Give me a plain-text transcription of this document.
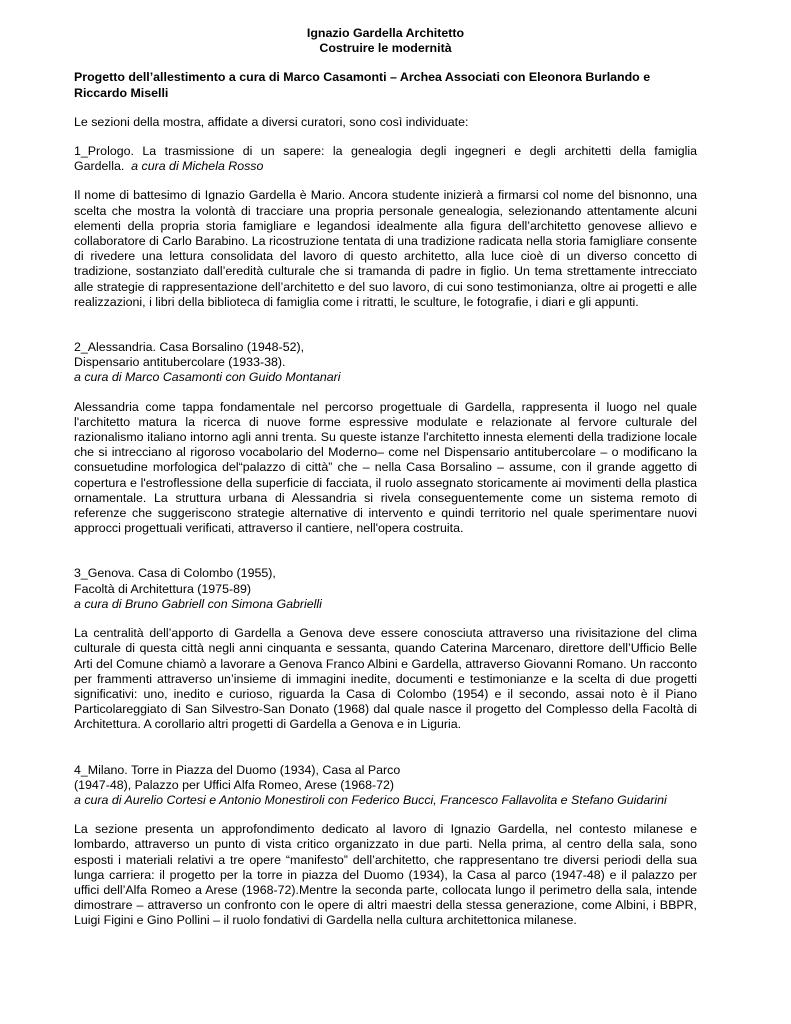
Ignazio Gardella Architetto

Costruire le modernità

Progetto dell’allestimento a cura di Marco Casamonti – Archea Associati con Eleonora Burlando e Riccardo Miselli

Le sezioni della mostra, affidate a diversi curatori, sono così individuate:

1_Prologo. La trasmissione di un sapere: la genealogia degli ingegneri e degli architetti della famiglia
Gardella. a cura di Michela Rosso

Il nome di battesimo di Ignazio Gardella è Mario. Ancora studente inizierà a firmarsi col nome del bisnonno, una scelta che mostra la volontà di tracciare una propria personale genealogia, selezionando attentamente alcuni elementi della propria storia famigliare e legandosi idealmente alla figura dell’architetto genovese allievo e collaboratore di Carlo Barabino. La ricostruzione tentata di una tradizione radicata nella storia famigliare consente di rivedere una lettura consolidata del lavoro di questo architetto, alla luce cioè di un diverso concetto di tradizione, sostanziato dall’eredità culturale che si tramanda di padre in figlio. Un tema strettamente intrecciato alle strategie di rappresentazione dell’architetto e del suo lavoro, di cui sono testimonianza, oltre ai progetti e alle realizzazioni, i libri della biblioteca di famiglia come i ritratti, le sculture, le fotografie, i diari e gli appunti.

2_Alessandria. Casa Borsalino (1948-52),
Dispensario antitubercolare (1933-38).
a cura di Marco Casamonti con Guido Montanari

Alessandria come tappa fondamentale nel percorso progettuale di Gardella, rappresenta il luogo nel quale l'architetto matura la ricerca di nuove forme espressive modulate e relazionate al fervore culturale del razionalismo italiano intorno agli anni trenta. Su queste istanze l'architetto innesta elementi della tradizione locale che si intrecciano al rigoroso vocabolario del Moderno– come nel Dispensario antitubercolare – o modificano la consuetudine morfologica del“palazzo di città” che – nella Casa Borsalino – assume, con il grande aggetto di copertura e l'estroflessione della superficie di facciata, il ruolo assegnato storicamente ai movimenti della plastica ornamentale. La struttura urbana di Alessandria si rivela conseguentemente come un sistema remoto di referenze che suggeriscono strategie alternative di intervento e quindi territorio nel quale sperimentare nuovi approcci progettuali verificati, attraverso il cantiere, nell'opera costruita.

3_Genova. Casa di Colombo (1955),
Facoltà di Architettura (1975-89)
a cura di Bruno Gabriell con Simona Gabrielli

La centralità dell’apporto di Gardella a Genova deve essere conosciuta attraverso una rivisitazione del clima culturale di questa città negli anni cinquanta e sessanta, quando Caterina Marcenaro, direttore dell’Ufficio Belle Arti del Comune chiamò a lavorare a Genova Franco Albini e Gardella, attraverso Giovanni Romano. Un racconto per frammenti attraverso un’insieme di immagini inedite, documenti e testimonianze e la scelta di due progetti significativi: uno, inedito e curioso, riguarda la Casa di Colombo (1954) e il secondo, assai noto è il Piano Particolareggiato di San Silvestro-San Donato (1968) dal quale nasce il progetto del Complesso della Facoltà di Architettura. A corollario altri progetti di Gardella a Genova e in Liguria.

4_Milano. Torre in Piazza del Duomo (1934), Casa al Parco
(1947-48), Palazzo per Uffici Alfa Romeo, Arese (1968-72)
a cura di Aurelio Cortesi e Antonio Monestiroli con Federico Bucci, Francesco Fallavolita e Stefano Guidarini

La sezione presenta un approfondimento dedicato al lavoro di Ignazio Gardella, nel contesto milanese e lombardo, attraverso un punto di vista critico organizzato in due parti. Nella prima, al centro della sala, sono esposti i materiali relativi a tre opere “manifesto” dell’architetto, che rappresentano tre diversi periodi della sua lunga carriera: il progetto per la torre in piazza del Duomo (1934), la Casa al parco (1947-48) e il palazzo per uffici dell’Alfa Romeo a Arese (1968-72).Mentre la seconda parte, collocata lungo il perimetro della sala, intende dimostrare – attraverso un confronto con le opere di altri maestri della stessa generazione, come Albini, i BBPR, Luigi Figini e Gino Pollini – il ruolo fondativi di Gardella nella cultura architettonica milanese.
